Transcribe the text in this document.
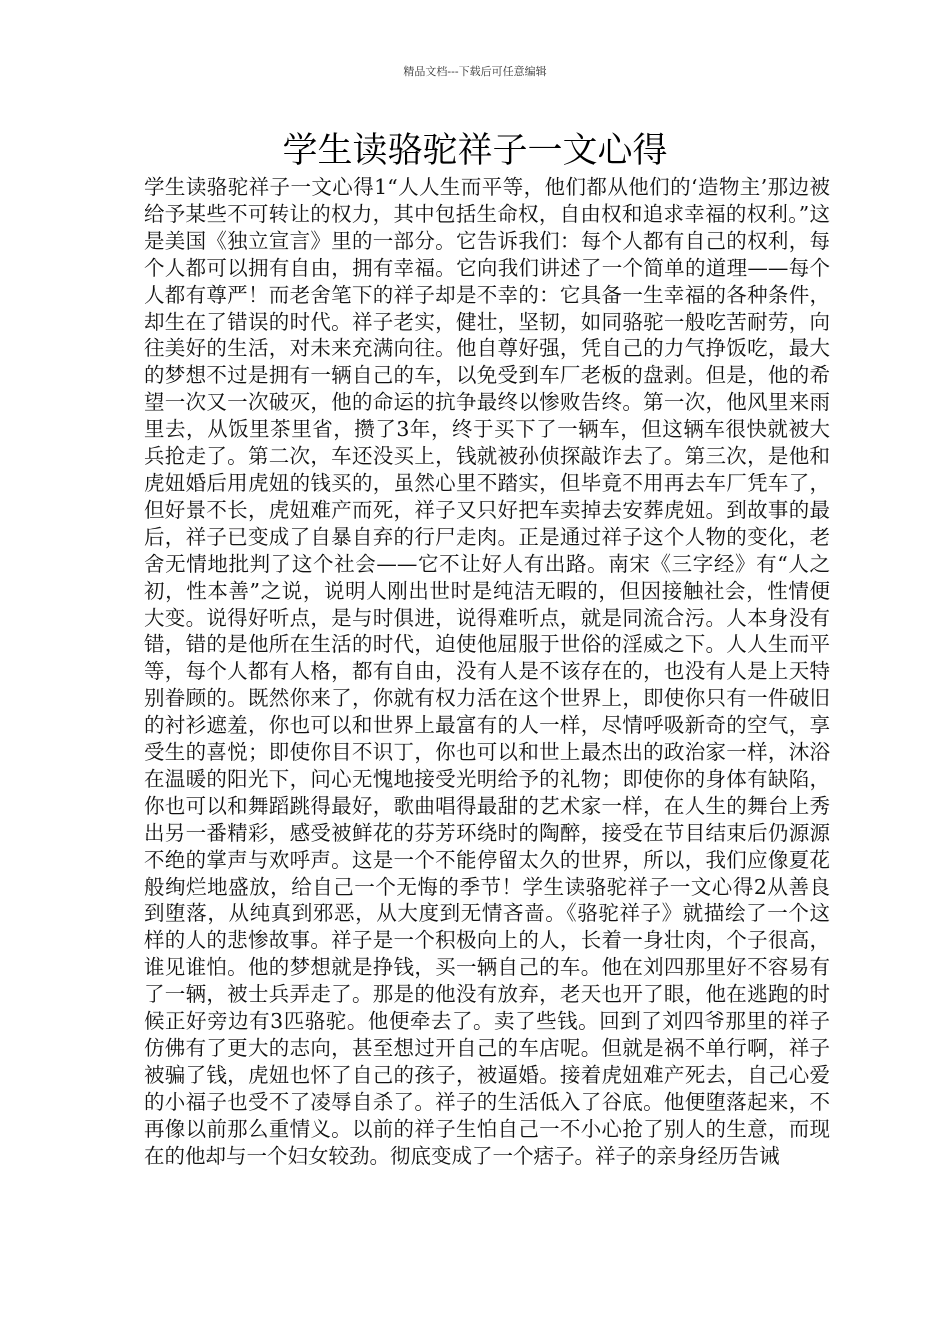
精品文档---下载后可任意编辑
学生读骆驼祥子一文心得

学生读骆驼祥子一文心得1“人人生而平等，他们都从他们的‘造物主’那边被给予某些不可转让的权力，其中包括生命权，自由权和追求幸福的权利。”这是美国《独立宣言》里的一部分。它告诉我们：每个人都有自己的权利，每个人都可以拥有自由，拥有幸福。它向我们讲述了一个简单的道理——每个人都有尊严！而老舍笔下的祥子却是不幸的：它具备一生幸福的各种条件，却生在了错误的时代。祥子老实，健壮，坚韧，如同骆驼一般吃苦耐劳，向往美好的生活，对未来充满向往。他自尊好强，凭自己的力气挣饭吃，最大的梦想不过是拥有一辆自己的车，以免受到车厂老板的盘剥。但是，他的希望一次又一次破灭，他的命运的抗争最终以惨败告终。第一次，他风里来雨里去，从饭里茶里省，攒了3年，终于买下了一辆车，但这辆车很快就被大兵抢走了。第二次，车还没买上，钱就被孙侦探敲诈去了。第三次，是他和虎妞婚后用虎妞的钱买的，虽然心里不踏实，但毕竟不用再去车厂凭车了，但好景不长，虎妞难产而死，祥子又只好把车卖掉去安葬虎妞。到故事的最后，祥子已变成了自暴自弃的行尸走肉。正是通过祥子这个人物的变化，老舍无情地批判了这个社会——它不让好人有出路。南宋《三字经》有“人之初，性本善”之说，说明人刚出世时是纯洁无暇的，但因接触社会，性情便大变。说得好听点，是与时俱进，说得难听点，就是同流合污。人本身没有错，错的是他所在生活的时代，迫使他屈服于世俗的淫威之下。人人生而平等，每个人都有人格，都有自由，没有人是不该存在的，也没有人是上天特别眷顾的。既然你来了，你就有权力活在这个世界上，即使你只有一件破旧的衬衫遮羞，你也可以和世界上最富有的人一样，尽情呼吸新奇的空气，享受生的喜悦；即使你目不识丁，你也可以和世上最杰出的政治家一样，沐浴在温暖的阳光下，问心无愧地接受光明给予的礼物；即使你的身体有缺陷，你也可以和舞蹈跳得最好，歌曲唱得最甜的艺术家一样，在人生的舞台上秀出另一番精彩，感受被鲜花的芬芳环绕时的陶醉，接受在节目结束后仍源源不绝的掌声与欢呼声。这是一个不能停留太久的世界，所以，我们应像夏花般绚烂地盛放，给自己一个无悔的季节！学生读骆驼祥子一文心得2从善良到堕落，从纯真到邪恶，从大度到无情吝啬。《骆驼祥子》就描绘了一个这样的人的悲惨故事。祥子是一个积极向上的人，长着一身壮肉，个子很高，谁见谁怕。他的梦想就是挣钱，买一辆自己的车。他在刘四那里好不容易有了一辆，被士兵弄走了。那是的他没有放弃，老天也开了眼，他在逃跑的时候正好旁边有3匹骆驼。他便牵去了。卖了些钱。回到了刘四爷那里的祥子仿佛有了更大的志向，甚至想过开自己的车店呢。但就是祸不单行啊，祥子被骗了钱，虎妞也怀了自己的孩子，被逼婚。接着虎妞难产死去，自己心爱的小福子也受不了凌辱自杀了。祥子的生活低入了谷底。他便堕落起来，不再像以前那么重情义。以前的祥子生怕自己一不小心抢了别人的生意，而现在的他却与一个妇女较劲。彻底变成了一个痞子。祥子的亲身经历告诫
